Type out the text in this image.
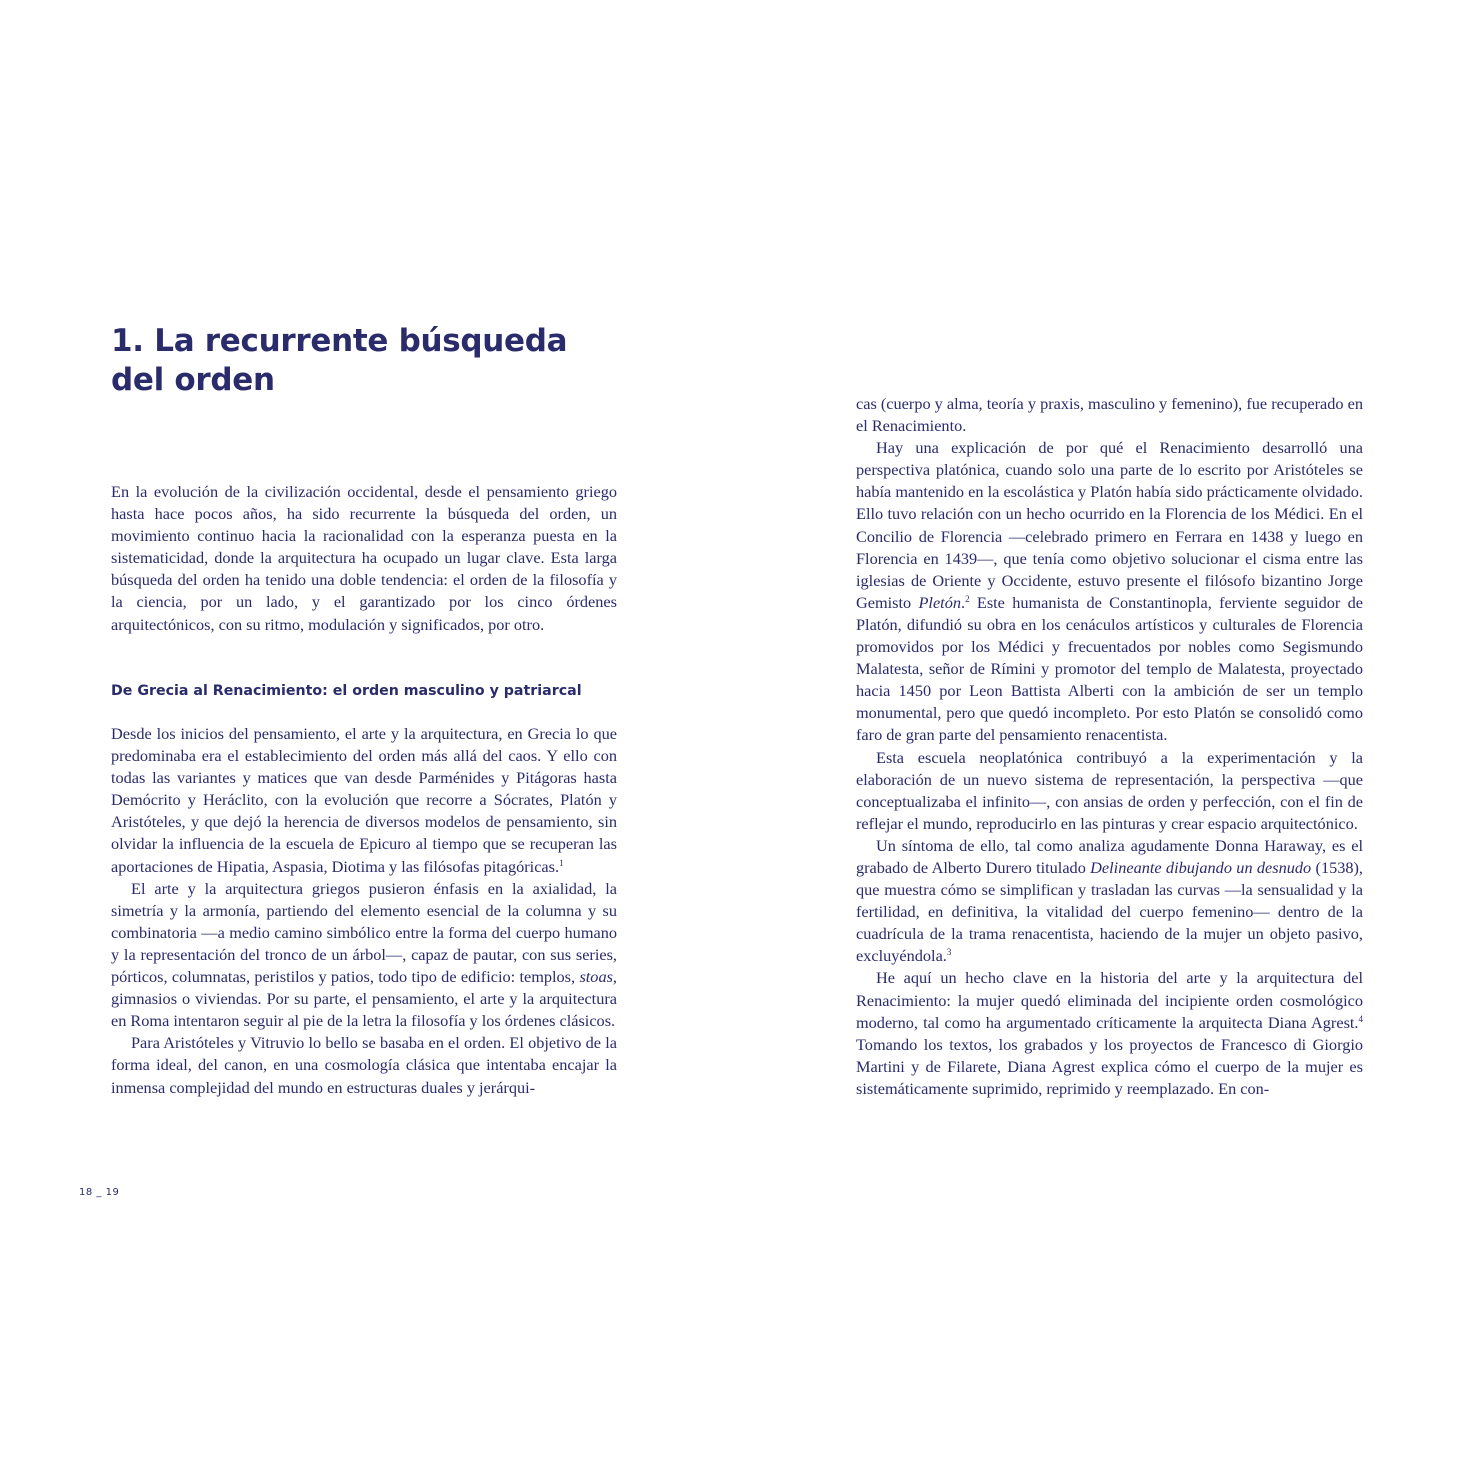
1. La recurrente búsqueda
del orden

En la evolución de la civilización occidental, desde el pensamiento griego hasta hace pocos años, ha sido recurrente la búsqueda del orden, un movimiento continuo hacia la racionalidad con la esperanza puesta en la sistematicidad, donde la arquitectura ha ocupado un lugar clave. Esta larga búsqueda del orden ha tenido una doble tendencia: el orden de la filosofía y la ciencia, por un lado, y el garantizado por los cinco órdenes arquitectónicos, con su ritmo, modulación y significados, por otro.

De Grecia al Renacimiento: el orden masculino y patriarcal

Desde los inicios del pensamiento, el arte y la arquitectura, en Grecia lo que predominaba era el establecimiento del orden más allá del caos. Y ello con todas las variantes y matices que van desde Parménides y Pitágoras hasta Demócrito y Heráclito, con la evolución que recorre a Sócrates, Platón y Aristóteles, y que dejó la herencia de diversos modelos de pensamiento, sin olvidar la influencia de la escuela de Epicuro al tiempo que se recuperan las aportaciones de Hipatia, Aspasia, Diotima y las filósofas pitagóricas.$^1$

El arte y la arquitectura griegos pusieron énfasis en la axialidad, la simetría y la armonía, partiendo del elemento esencial de la columna y su combinatoria —a medio camino simbólico entre la forma del cuerpo humano y la representación del tronco de un árbol—, capaz de pautar, con sus series, pórticos, columnatas, peristilos y patios, todo tipo de edificio: templos, stoas, gimnasios o viviendas. Por su parte, el pensamiento, el arte y la arquitectura en Roma intentaron seguir al pie de la letra la filosofía y los órdenes clásicos.

Para Aristóteles y Vitruvio lo bello se basaba en el orden. El objetivo de la forma ideal, del canon, en una cosmología clásica que intentaba encajar la inmensa complejidad del mundo en estructuras duales y jerárqui-

cas (cuerpo y alma, teoría y praxis, masculino y femenino), fue recuperado en el Renacimiento.

Hay una explicación de por qué el Renacimiento desarrolló una perspectiva platónica, cuando solo una parte de lo escrito por Aristóteles se había mantenido en la escolástica y Platón había sido prácticamente olvidado. Ello tuvo relación con un hecho ocurrido en la Florencia de los Médici. En el Concilio de Florencia —celebrado primero en Ferrara en 1438 y luego en Florencia en 1439—, que tenía como objetivo solucionar el cisma entre las iglesias de Oriente y Occidente, estuvo presente el filósofo bizantino Jorge Gemisto Pletón.$^2$ Este humanista de Constantinopla, ferviente seguidor de Platón, difundió su obra en los cenáculos artísticos y culturales de Florencia promovidos por los Médici y frecuentados por nobles como Segismundo Malatesta, señor de Rímini y promotor del templo de Malatesta, proyectado hacia 1450 por Leon Battista Alberti con la ambición de ser un templo monumental, pero que quedó incompleto. Por esto Platón se consolidó como faro de gran parte del pensamiento renacentista.

Esta escuela neoplatónica contribuyó a la experimentación y la elaboración de un nuevo sistema de representación, la perspectiva —que conceptualizaba el infinito—, con ansias de orden y perfección, con el fin de reflejar el mundo, reproducirlo en las pinturas y crear espacio arquitectónico.

Un síntoma de ello, tal como analiza agudamente Donna Haraway, es el grabado de Alberto Durero titulado Delineante dibujando un desnudo (1538), que muestra cómo se simplifican y trasladan las curvas —la sensualidad y la fertilidad, en definitiva, la vitalidad del cuerpo femenino— dentro de la cuadrícula de la trama renacentista, haciendo de la mujer un objeto pasivo, excluyéndola.$^3$

He aquí un hecho clave en la historia del arte y la arquitectura del Renacimiento: la mujer quedó eliminada del incipiente orden cosmológico moderno, tal como ha argumentado críticamente la arquitecta Diana Agrest.$^4$ Tomando los textos, los grabados y los proyectos de Francesco di Giorgio Martini y de Filarete, Diana Agrest explica cómo el cuerpo de la mujer es sistemáticamente suprimido, reprimido y reemplazado. En con-

18 _ 19
